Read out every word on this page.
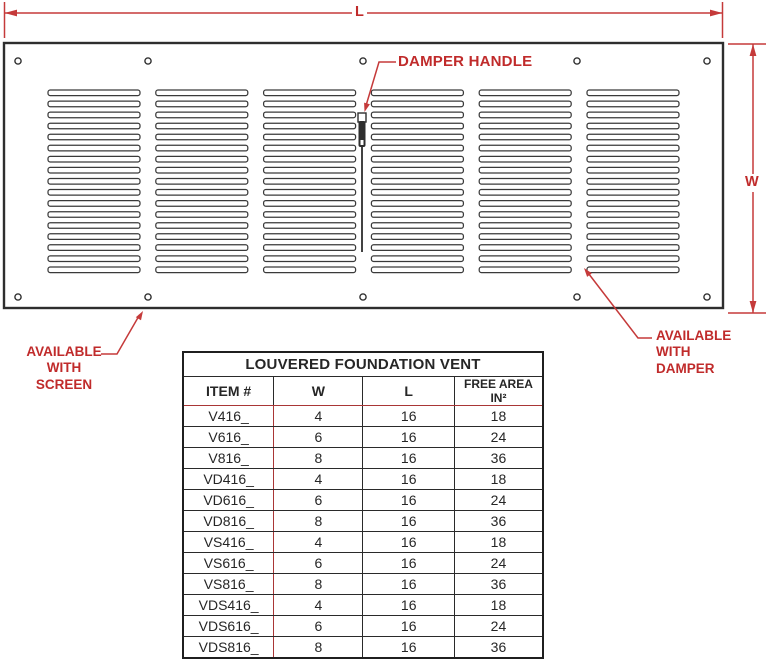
L
W
DAMPER HANDLE
AVAILABLE
WITH
SCREEN
AVAILABLE WITH
DAMPER
LOUVERED FOUNDATION VENT			
ITEM #	W	L	FREE AREA IN²
V416_	4	16	18
V616_	6	16	24
V816_	8	16	36
VD416_	4	16	18
VD616_	6	16	24
VD816_	8	16	36
VS416_	4	16	18
VS616_	6	16	24
VS816_	8	16	36
VDS416_	4	16	18
VDS616_	6	16	24
VDS816_	8	16	36
